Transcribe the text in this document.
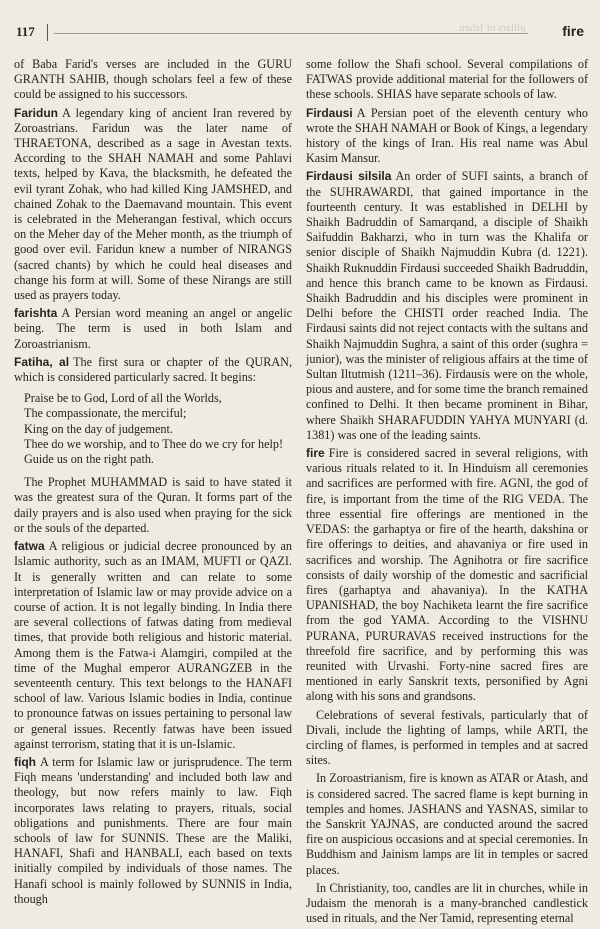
117	pillars of Islam	fire

of Baba Farid's verses are included in the GURU GRANTH SAHIB, though scholars feel a few of these could be assigned to his successors.

Faridun A legendary king of ancient Iran revered by Zoroastrians. Faridun was the later name of THRAETONA, described as a sage in Avestan texts. According to the SHAH NAMAH and some Pahlavi texts, helped by Kava, the blacksmith, he defeated the evil tyrant Zohak, who had killed King JAMSHED, and chained Zohak to the Daemavand mountain. This event is celebrated in the Meherangan festival, which occurs on the Meher day of the Meher month, as the triumph of good over evil. Faridun knew a number of NIRANGS (sacred chants) by which he could heal diseases and change his form at will. Some of these Nirangs are still used as prayers today.

farishta A Persian word meaning an angel or angelic being. The term is used in both Islam and Zoroastrianism.

Fatiha, al The first sura or chapter of the QURAN, which is considered particularly sacred. It begins:

Praise be to God, Lord of all the Worlds,
The compassionate, the merciful;
King on the day of judgement.
Thee do we worship, and to Thee do we cry for help!
Guide us on the right path.

The Prophet MUHAMMAD is said to have stated it was the greatest sura of the Quran. It forms part of the daily prayers and is also used when praying for the sick or the souls of the departed.

fatwa A religious or judicial decree pronounced by an Islamic authority, such as an IMAM, MUFTI or QAZI. It is generally written and can relate to some interpretation of Islamic law or may provide advice on a course of action. It is not legally binding. In India there are several collections of fatwas dating from medieval times, that provide both religious and historic material. Among them is the Fatwa-i Alamgiri, compiled at the time of the Mughal emperor AURANGZEB in the seventeenth century. This text belongs to the HANAFI school of law. Various Islamic bodies in India, continue to pronounce fatwas on issues pertaining to personal law or general issues. Recently fatwas have been issued against terrorism, stating that it is un-Islamic.

fiqh A term for Islamic law or jurisprudence. The term Fiqh means 'understanding' and included both law and theology, but now refers mainly to law. Fiqh incorporates laws relating to prayers, rituals, social obligations and punishments. There are four main schools of law for SUNNIS. These are the Maliki, HANAFI, Shafi and HANBALI, each based on texts initially compiled by individuals of those names. The Hanafi school is mainly followed by SUNNIS in India, though

some follow the Shafi school. Several compilations of FATWAS provide additional material for the followers of these schools. SHIAS have separate schools of law.

Firdausi A Persian poet of the eleventh century who wrote the SHAH NAMAH or Book of Kings, a legendary history of the kings of Iran. His real name was Abul Kasim Mansur.

Firdausi silsila An order of SUFI saints, a branch of the SUHRAWARDI, that gained importance in the fourteenth century. It was established in DELHI by Shaikh Badruddin of Samarqand, a disciple of Shaikh Saifuddin Bakharzi, who in turn was the Khalifa or senior disciple of Shaikh Najmuddin Kubra (d. 1221). Shaikh Ruknuddin Firdausi succeeded Shaikh Badruddin, and hence this branch came to be known as Firdausi. Shaikh Badruddin and his disciples were prominent in Delhi before the CHISTI order reached India. The Firdausi saints did not reject contacts with the sultans and Shaikh Najmuddin Sughra, a saint of this order (sughra = junior), was the minister of religious affairs at the time of Sultan Iltutmish (1211–36). Firdausis were on the whole, pious and austere, and for some time the branch remained confined to Delhi. It then became prominent in Bihar, where Shaikh SHARAFUDDIN YAHYA MUNYARI (d. 1381) was one of the leading saints.

fire Fire is considered sacred in several religions, with various rituals related to it. In Hinduism all ceremonies and sacrifices are performed with fire. AGNI, the god of fire, is important from the time of the RIG VEDA. The three essential fire offerings are mentioned in the VEDAS: the garhaptya or fire of the hearth, dakshina or fire offerings to deities, and ahavaniya or fire used in sacrifices and worship. The Agnihotra or fire sacrifice consists of daily worship of the domestic and sacrificial fires (garhaptya and ahavaniya). In the KATHA UPANISHAD, the boy Nachiketa learnt the fire sacrifice from the god YAMA. According to the VISHNU PURANA, PURURAVAS received instructions for the threefold fire sacrifice, and by performing this was reunited with Urvashi. Forty-nine sacred fires are mentioned in early Sanskrit texts, personified by Agni along with his sons and grandsons.

Celebrations of several festivals, particularly that of Divali, include the lighting of lamps, while ARTI, the circling of flames, is performed in temples and at sacred sites.

In Zoroastrianism, fire is known as ATAR or Atash, and is considered sacred. The sacred flame is kept burning in temples and homes. JASHANS and YASNAS, similar to the Sanskrit YAJNAS, are conducted around the sacred fire on auspicious occasions and at special ceremonies. In Buddhism and Jainism lamps are lit in temples or sacred places.

In Christianity, too, candles are lit in churches, while in Judaism the menorah is a many-branched candlestick used in rituals, and the Ner Tamid, representing eternal
